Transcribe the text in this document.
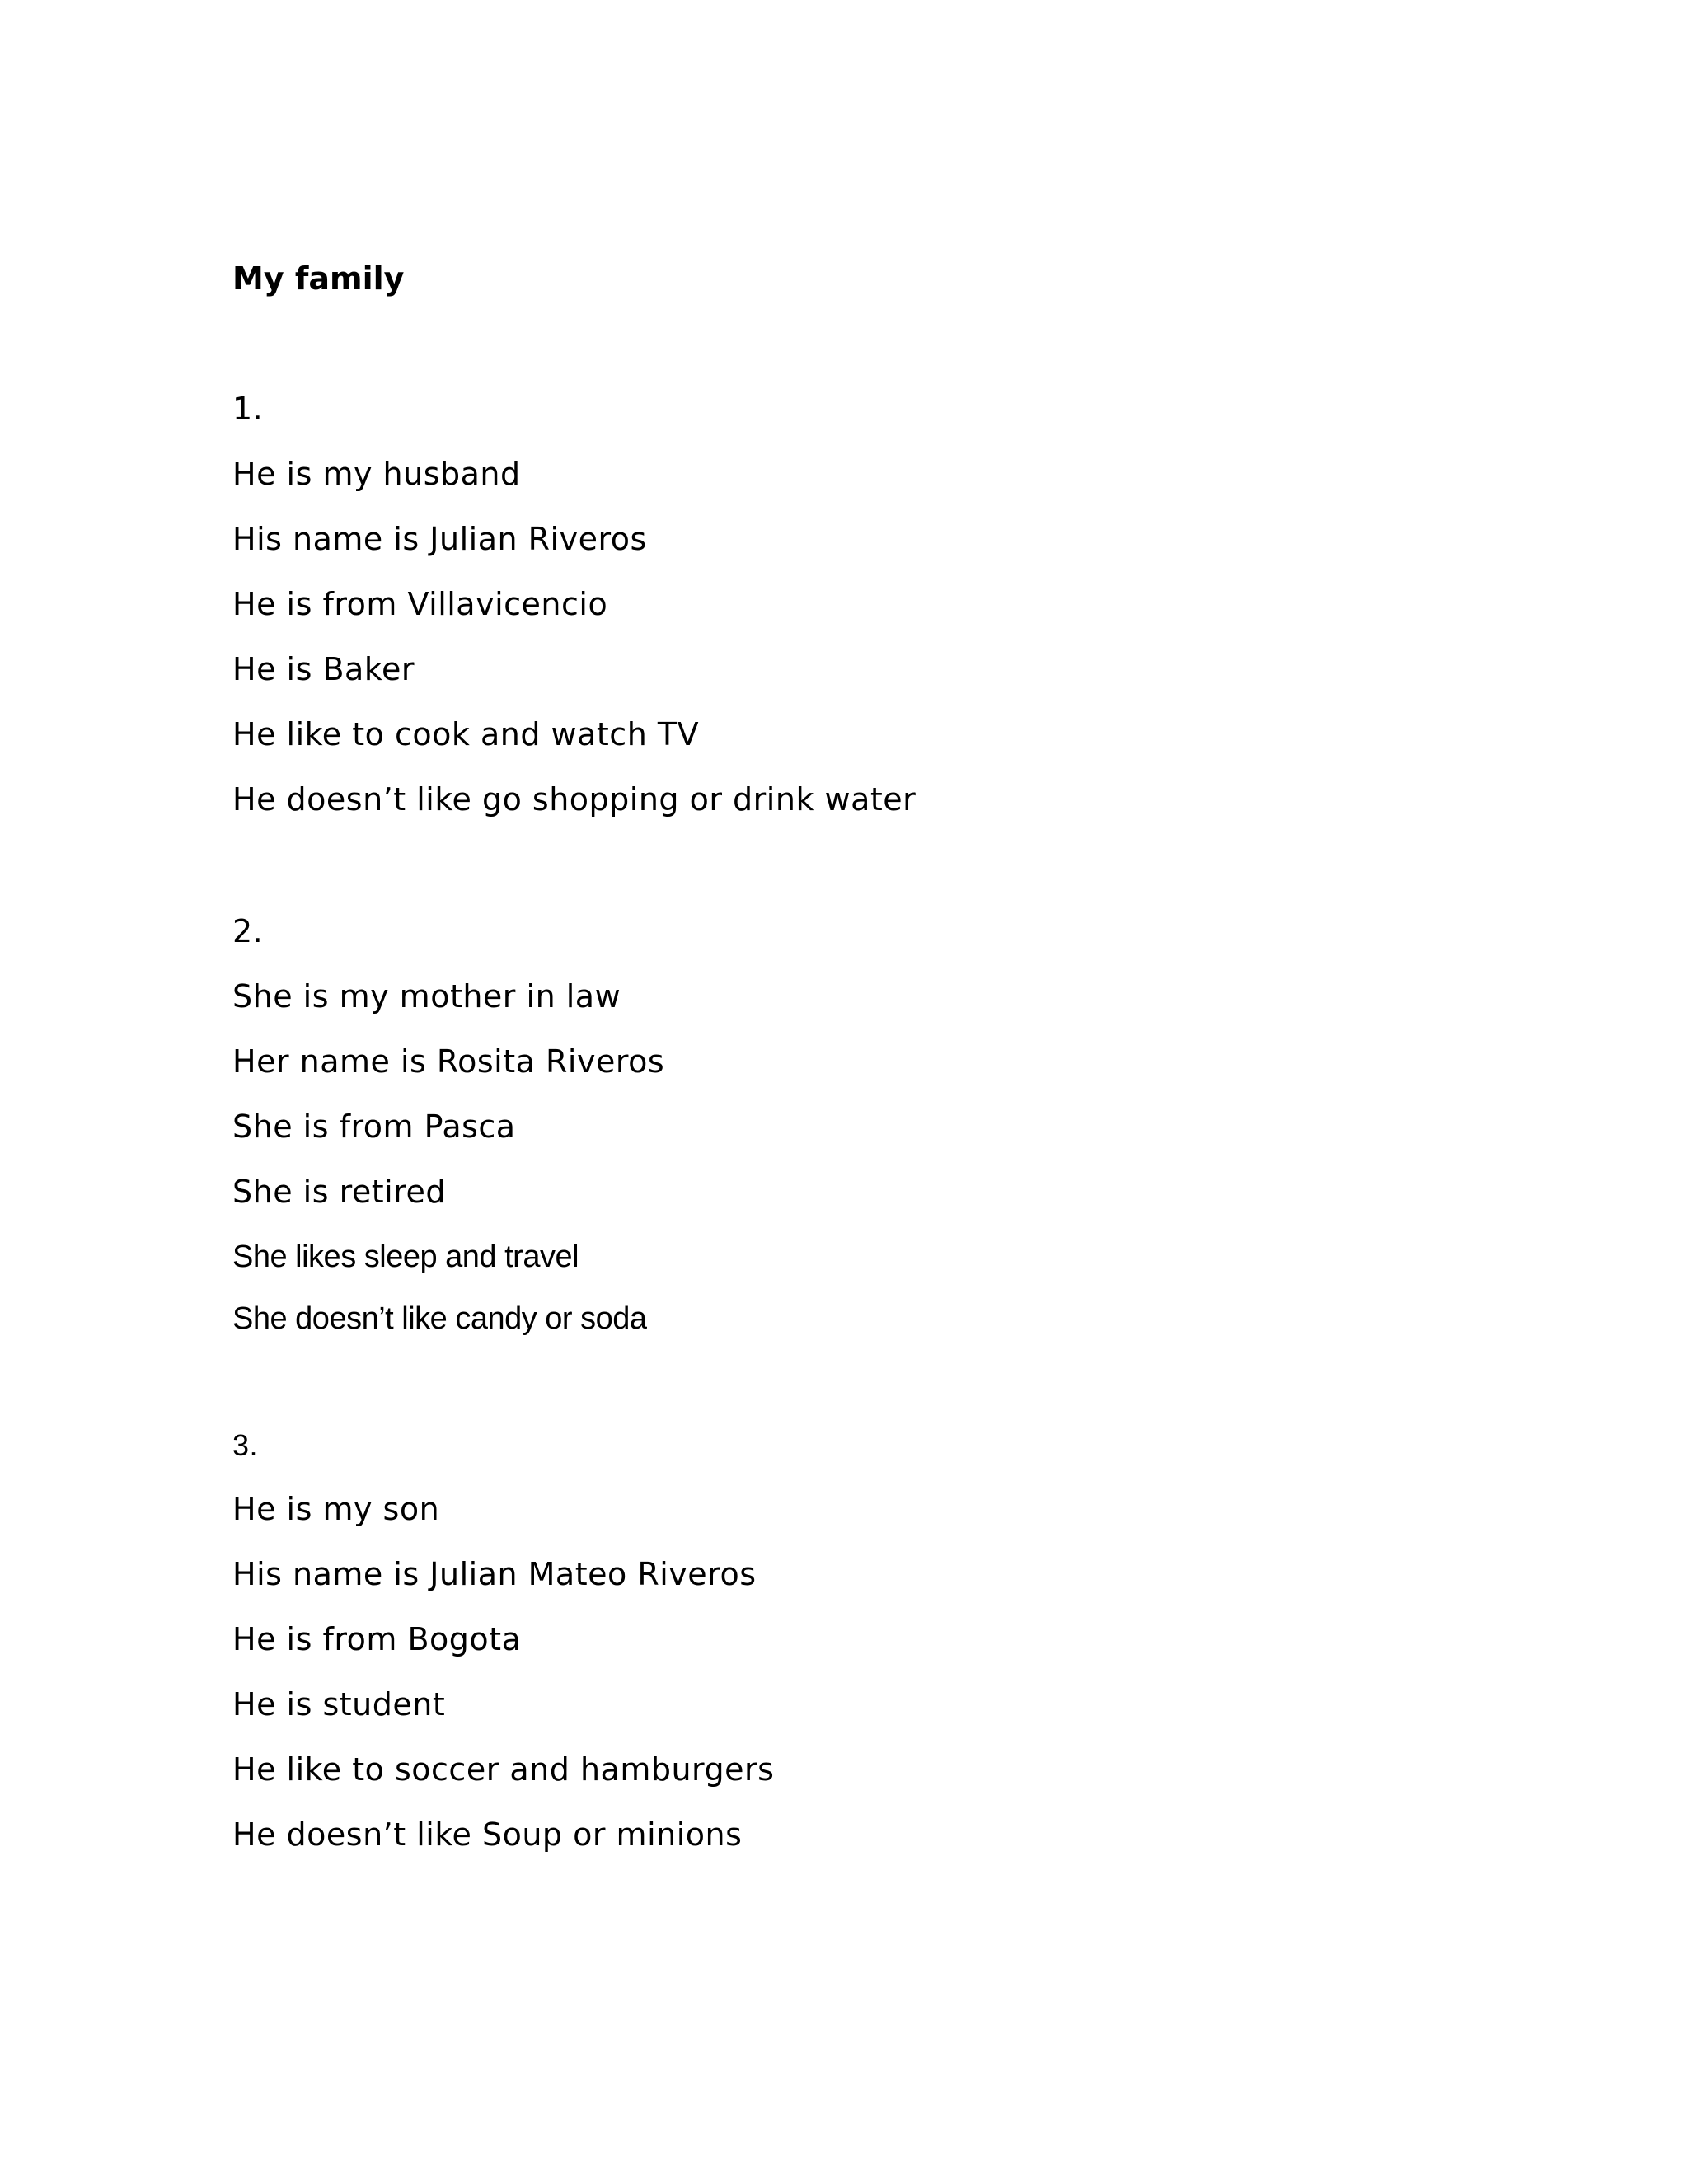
My family
1.
He is my husband
His name is Julian Riveros
He is from Villavicencio
He is Baker
He like to cook and watch TV
He doesn’t like go shopping or drink water
2.
She is my mother in law
Her name is Rosita Riveros
She is from Pasca
She is retired
She likes sleep and travel
She doesn’t like candy or soda
3.
He is my son
His name is Julian Mateo Riveros
He is from Bogota
He is student
He like to soccer and hamburgers
He doesn’t like Soup or minions
